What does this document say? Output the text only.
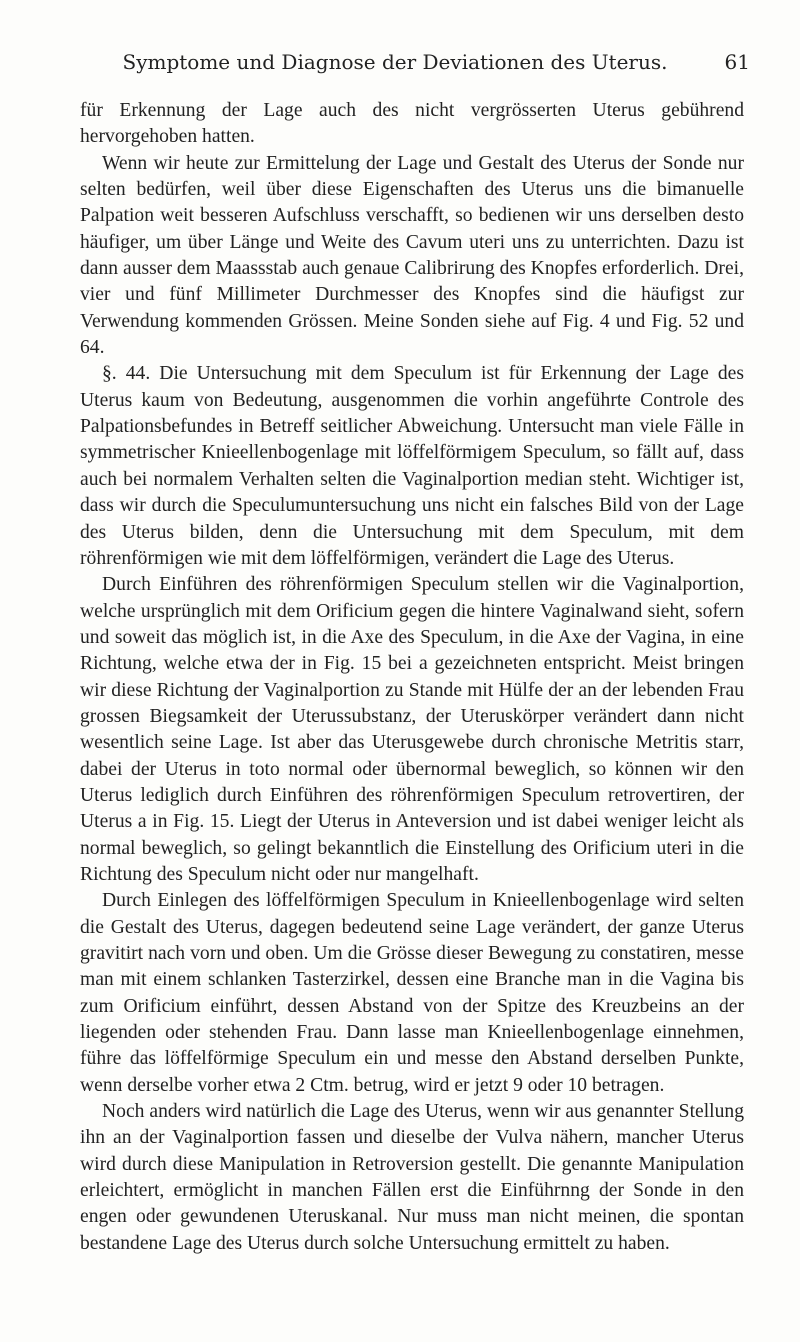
Symptome und Diagnose der Deviationen des Uterus.	61

für Erkennung der Lage auch des nicht vergrösserten Uterus gebührend hervorgehoben hatten.

Wenn wir heute zur Ermittelung der Lage und Gestalt des Uterus der Sonde nur selten bedürfen, weil über diese Eigenschaften des Uterus uns die bimanuelle Palpation weit besseren Aufschluss verschafft, so bedienen wir uns derselben desto häufiger, um über Länge und Weite des Cavum uteri uns zu unterrichten. Dazu ist dann ausser dem Maassstab auch genaue Calibrirung des Knopfes erforderlich. Drei, vier und fünf Millimeter Durchmesser des Knopfes sind die häufigst zur Verwendung kommenden Grössen. Meine Sonden siehe auf Fig. 4 und Fig. 52 und 64.

§. 44. Die Untersuchung mit dem Speculum ist für Erkennung der Lage des Uterus kaum von Bedeutung, ausgenommen die vorhin angeführte Controle des Palpationsbefundes in Betreff seitlicher Abweichung. Untersucht man viele Fälle in symmetrischer Knieellenbogenlage mit löffelförmigem Speculum, so fällt auf, dass auch bei normalem Verhalten selten die Vaginalportion median steht. Wichtiger ist, dass wir durch die Speculumuntersuchung uns nicht ein falsches Bild von der Lage des Uterus bilden, denn die Untersuchung mit dem Speculum, mit dem röhrenförmigen wie mit dem löffelförmigen, verändert die Lage des Uterus.

Durch Einführen des röhrenförmigen Speculum stellen wir die Vaginalportion, welche ursprünglich mit dem Orificium gegen die hintere Vaginalwand sieht, sofern und soweit das möglich ist, in die Axe des Speculum, in die Axe der Vagina, in eine Richtung, welche etwa der in Fig. 15 bei a gezeichneten entspricht. Meist bringen wir diese Richtung der Vaginalportion zu Stande mit Hülfe der an der lebenden Frau grossen Biegsamkeit der Uterussubstanz, der Uteruskörper verändert dann nicht wesentlich seine Lage. Ist aber das Uterusgewebe durch chronische Metritis starr, dabei der Uterus in toto normal oder übernormal beweglich, so können wir den Uterus lediglich durch Einführen des röhrenförmigen Speculum retrovertiren, der Uterus a in Fig. 15. Liegt der Uterus in Anteversion und ist dabei weniger leicht als normal beweglich, so gelingt bekanntlich die Einstellung des Orificium uteri in die Richtung des Speculum nicht oder nur mangelhaft.

Durch Einlegen des löffelförmigen Speculum in Knieellenbogenlage wird selten die Gestalt des Uterus, dagegen bedeutend seine Lage verändert, der ganze Uterus gravitirt nach vorn und oben. Um die Grösse dieser Bewegung zu constatiren, messe man mit einem schlanken Tasterzirkel, dessen eine Branche man in die Vagina bis zum Orificium einführt, dessen Abstand von der Spitze des Kreuzbeins an der liegenden oder stehenden Frau. Dann lasse man Knieellenbogenlage einnehmen, führe das löffelförmige Speculum ein und messe den Abstand derselben Punkte, wenn derselbe vorher etwa 2 Ctm. betrug, wird er jetzt 9 oder 10 betragen.

Noch anders wird natürlich die Lage des Uterus, wenn wir aus genannter Stellung ihn an der Vaginalportion fassen und dieselbe der Vulva nähern, mancher Uterus wird durch diese Manipulation in Retroversion gestellt. Die genannte Manipulation erleichtert, ermöglicht in manchen Fällen erst die Einführnng der Sonde in den engen oder gewundenen Uteruskanal. Nur muss man nicht meinen, die spontan bestandene Lage des Uterus durch solche Untersuchung ermittelt zu haben.
